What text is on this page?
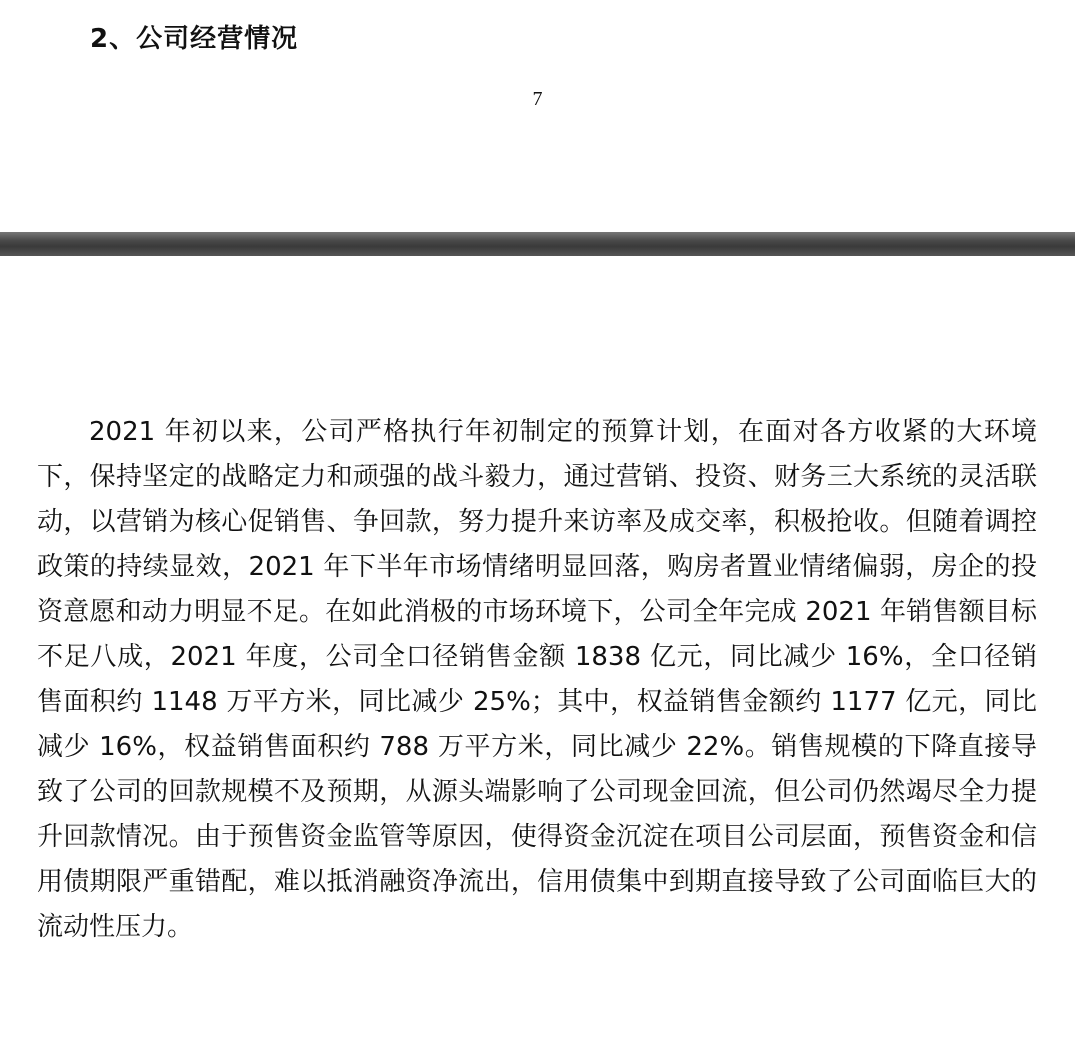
2、公司经营情况
7

2021 年初以来，公司严格执行年初制定的预算计划，在面对各方收紧的大环境下，保持坚定的战略定力和顽强的战斗毅力，通过营销、投资、财务三大系统的灵活联动，以营销为核心促销售、争回款，努力提升来访率及成交率，积极抢收。但随着调控政策的持续显效，2021 年下半年市场情绪明显回落，购房者置业情绪偏弱，房企的投资意愿和动力明显不足。在如此消极的市场环境下，公司全年完成 2021 年销售额目标不足八成，2021 年度，公司全口径销售金额 1838 亿元，同比减少 16%，全口径销售面积约 1148 万平方米，同比减少 25%；其中，权益销售金额约 1177 亿元，同比减少 16%，权益销售面积约 788 万平方米，同比减少 22%。销售规模的下降直接导致了公司的回款规模不及预期，从源头端影响了公司现金回流，但公司仍然竭尽全力提升回款情况。由于预售资金监管等原因，使得资金沉淀在项目公司层面，预售资金和信用债期限严重错配，难以抵消融资净流出，信用债集中到期直接导致了公司面临巨大的流动性压力。
